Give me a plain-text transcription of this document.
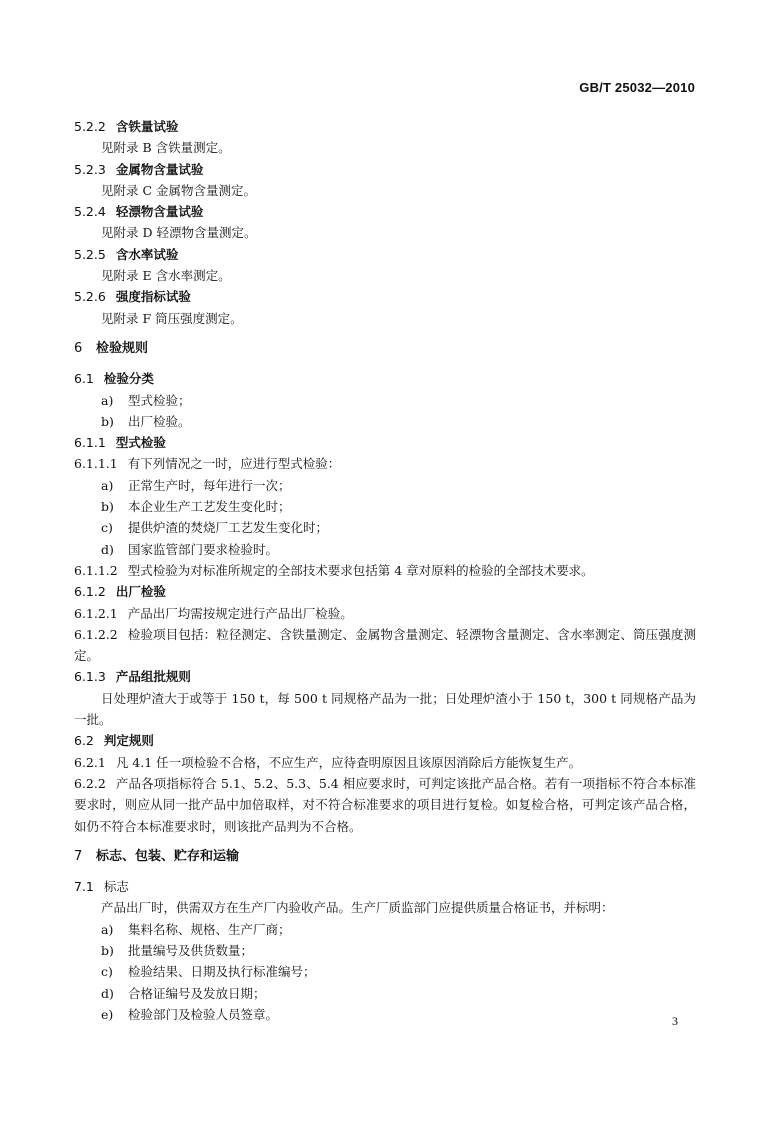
GB/T 25032—2010
5.2.2 含铁量试验
见附录 B 含铁量测定。
5.2.3 金属物含量试验
见附录 C 金属物含量测定。
5.2.4 轻漂物含量试验
见附录 D 轻漂物含量测定。
5.2.5 含水率试验
见附录 E 含水率测定。
5.2.6 强度指标试验
见附录 F 筒压强度测定。
6 检验规则
6.1 检验分类
a) 型式检验；
b) 出厂检验。
6.1.1 型式检验
6.1.1.1 有下列情况之一时，应进行型式检验：
a) 正常生产时，每年进行一次；
b) 本企业生产工艺发生变化时；
c) 提供炉渣的焚烧厂工艺发生变化时；
d) 国家监管部门要求检验时。
6.1.1.2 型式检验为对标准所规定的全部技术要求包括第 4 章对原料的检验的全部技术要求。
6.1.2 出厂检验
6.1.2.1 产品出厂均需按规定进行产品出厂检验。
6.1.2.2 检验项目包括：粒径测定、含铁量测定、金属物含量测定、轻漂物含量测定、含水率测定、筒压强度测定。
6.1.3 产品组批规则
日处理炉渣大于或等于 150 t，每 500 t 同规格产品为一批；日处理炉渣小于 150 t，300 t 同规格产品为一批。
6.2 判定规则
6.2.1 凡 4.1 任一项检验不合格，不应生产，应待查明原因且该原因消除后方能恢复生产。
6.2.2 产品各项指标符合 5.1、5.2、5.3、5.4 相应要求时，可判定该批产品合格。若有一项指标不符合本标准要求时，则应从同一批产品中加倍取样，对不符合标准要求的项目进行复检。如复检合格，可判定该产品合格，如仍不符合本标准要求时，则该批产品判为不合格。
7 标志、包装、贮存和运输
7.1 标志
产品出厂时，供需双方在生产厂内验收产品。生产厂质监部门应提供质量合格证书，并标明：
a) 集料名称、规格、生产厂商；
b) 批量编号及供货数量；
c) 检验结果、日期及执行标准编号；
d) 合格证编号及发放日期；
e) 检验部门及检验人员签章。	3
